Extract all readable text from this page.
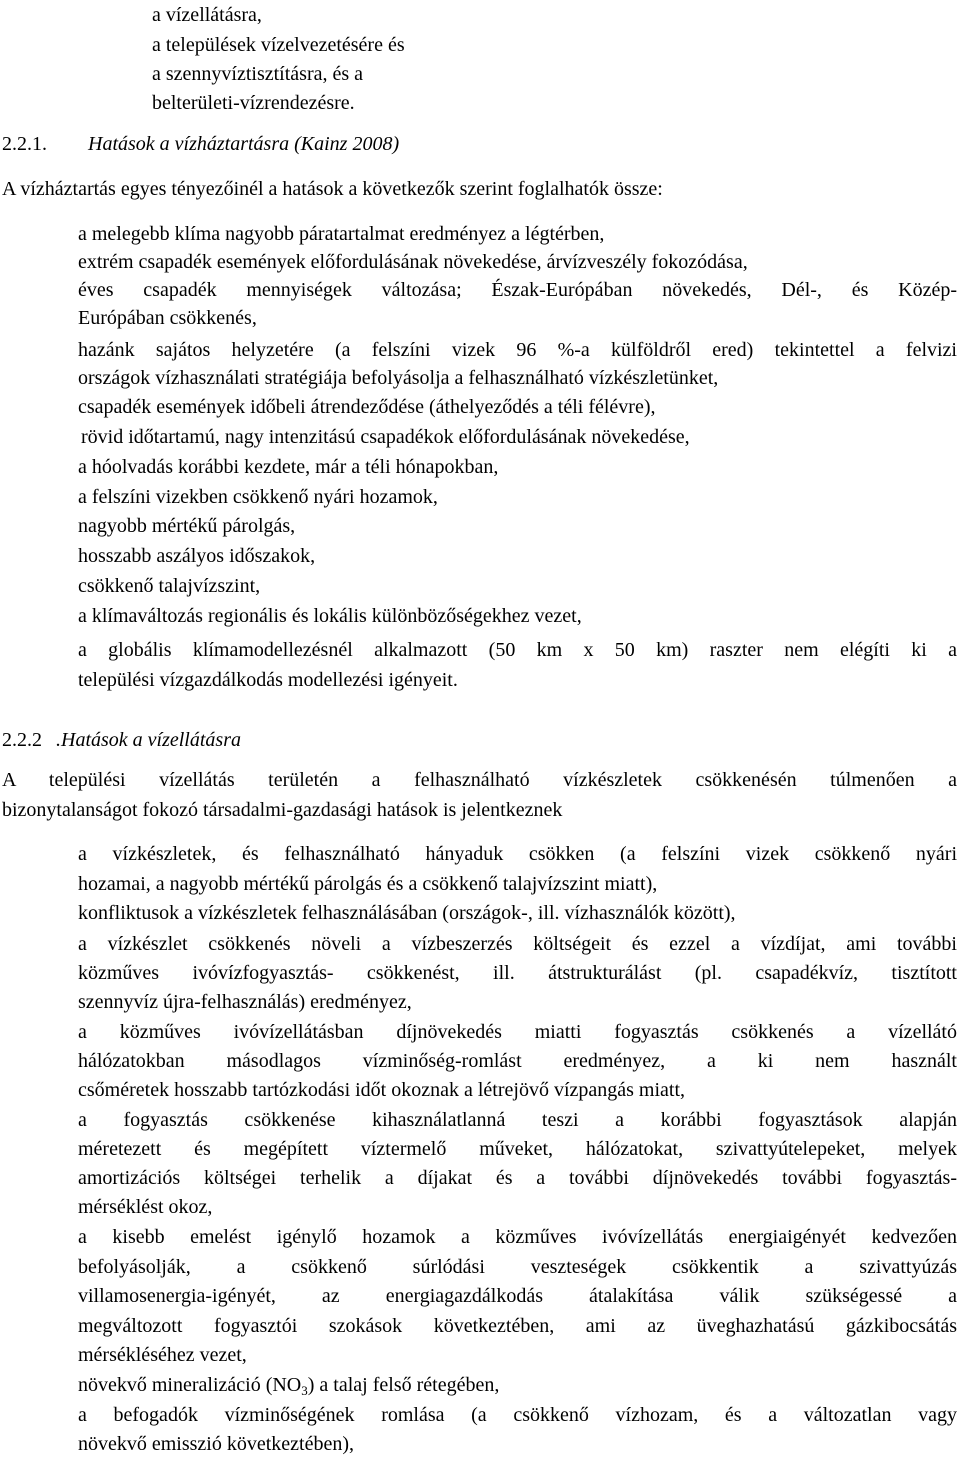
a vízellátásra,
a települések vízelvezetésére és
a szennyvíztisztításra, és a
belterületi-vízrendezésre.
2.2.1. Hatások a vízháztartásra (Kainz 2008)
A vízháztartás egyes tényezőinél a hatások a következők szerint foglalhatók össze:
a melegebb klíma nagyobb páratartalmat eredményez a légtérben,
extrém csapadék események előfordulásának növekedése, árvízveszély fokozódása,
éves csapadék mennyiségek változása; Észak-Európában növekedés, Dél-, és Közép-
Európában csökkenés,
hazánk sajátos helyzetére (a felszíni vizek 96 %-a külföldről ered) tekintettel a felvizi
országok vízhasználati stratégiája befolyásolja a felhasználható vízkészletünket,
csapadék események időbeli átrendeződése (áthelyeződés a téli félévre),
rövid időtartamú, nagy intenzitású csapadékok előfordulásának növekedése,
a hóolvadás korábbi kezdete, már a téli hónapokban,
a felszíni vizekben csökkenő nyári hozamok,
nagyobb mértékű párolgás,
hosszabb aszályos időszakok,
csökkenő talajvízszint,
a klímaváltozás regionális és lokális különbözőségekhez vezet,
a globális klímamodellezésnél alkalmazott (50 km x 50 km) raszter nem elégíti ki a
települési vízgazdálkodás modellezési igényeit.
2.2.2 .Hatások a vízellátásra
A települési vízellátás területén a felhasználható vízkészletek csökkenésén túlmenően a
bizonytalanságot fokozó társadalmi-gazdasági hatások is jelentkeznek
a vízkészletek, és felhasználható hányaduk csökken (a felszíni vizek csökkenő nyári
hozamai, a nagyobb mértékű párolgás és a csökkenő talajvízszint miatt),
konfliktusok a vízkészletek felhasználásában (országok-, ill. vízhasználók között),
a vízkészlet csökkenés növeli a vízbeszerzés költségeit és ezzel a vízdíjat, ami további
közműves ivóvízfogyasztás- csökkenést, ill. átstrukturálást (pl. csapadékvíz, tisztított
szennyvíz újra-felhasználás) eredményez,
a közműves ivóvízellátásban díjnövekedés miatti fogyasztás csökkenés a vízellátó
hálózatokban másodlagos vízminőség-romlást eredményez, a ki nem használt
csőméretek hosszabb tartózkodási időt okoznak a létrejövő vízpangás miatt,
a fogyasztás csökkenése kihasználatlanná teszi a korábbi fogyasztások alapján
méretezett és megépített víztermelő műveket, hálózatokat, szivattyútelepeket, melyek
amortizációs költségei terhelik a díjakat és a további díjnövekedés további fogyasztás-
mérséklést okoz,
a kisebb emelést igénylő hozamok a közműves ivóvízellátás energiaigényét kedvezően
befolyásolják, a csökkenő súrlódási veszteségek csökkentik a szivattyúzás
villamosenergia-igényét, az energiagazdálkodás átalakítása válik szükségessé a
megváltozott fogyasztói szokások következtében, ami az üveghazhatású gázkibocsátás
mérsékléséhez vezet,
növekvő mineralizáció $(NO_3)$ a talaj felső rétegében,
a befogadók vízminőségének romlása (a csökkenő vízhozam, és a változatlan vagy
növekvő emisszió következtében),
